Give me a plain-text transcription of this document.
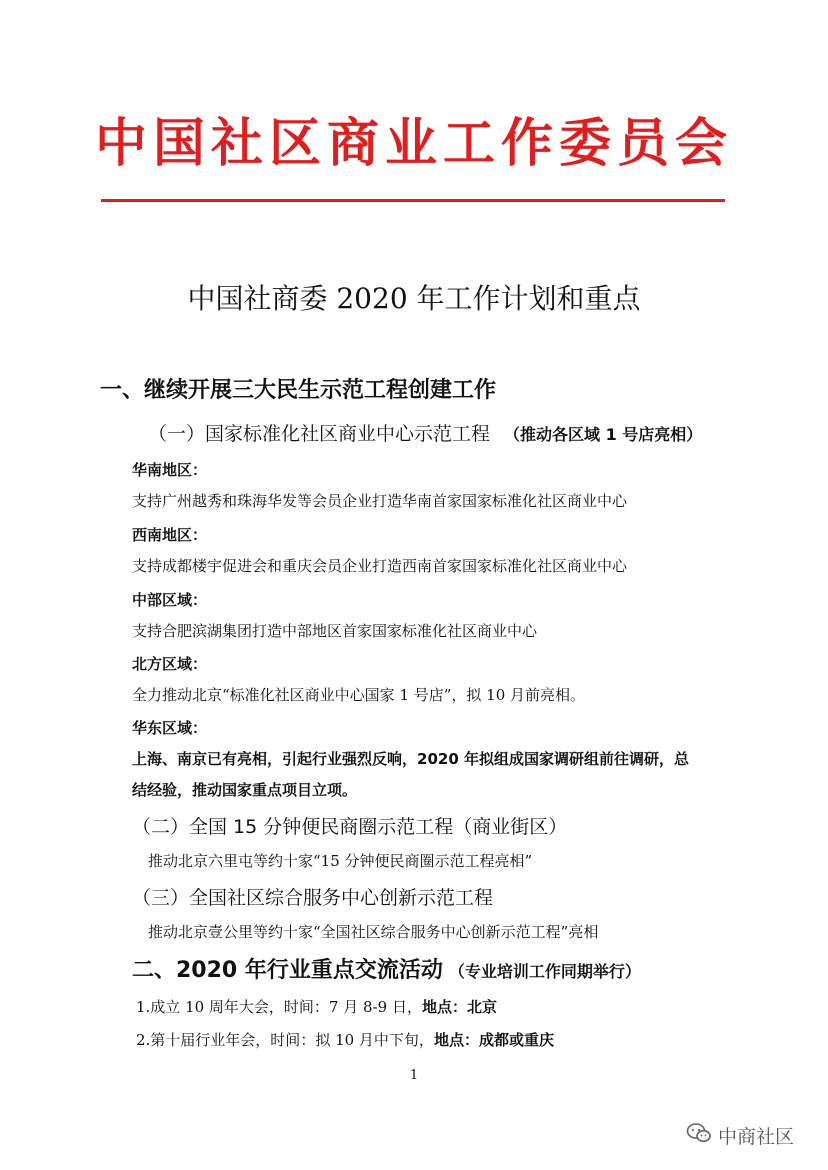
中国社区商业工作委员会
中国社商委 2020 年工作计划和重点
一、继续开展三大民生示范工程创建工作
（一）国家标准化社区商业中心示范工程 （推动各区域 1 号店亮相）
华南地区：
支持广州越秀和珠海华发等会员企业打造华南首家国家标准化社区商业中心
西南地区：
支持成都楼宇促进会和重庆会员企业打造西南首家国家标准化社区商业中心
中部区域：
支持合肥滨湖集团打造中部地区首家国家标准化社区商业中心
北方区域：
全力推动北京“标准化社区商业中心国家 1 号店”，拟 10 月前亮相。
华东区域：
上海、南京已有亮相，引起行业强烈反响，2020 年拟组成国家调研组前往调研，总
结经验，推动国家重点项目立项。
（二）全国 15 分钟便民商圈示范工程（商业街区）
推动北京六里屯等约十家“15 分钟便民商圈示范工程亮相”
（三）全国社区综合服务中心创新示范工程
推动北京壹公里等约十家“全国社区综合服务中心创新示范工程”亮相
二、2020 年行业重点交流活动 （专业培训工作同期举行）
1.成立 10 周年大会，时间：7 月 8-9 日，地点：北京
2.第十届行业年会，时间：拟 10 月中下旬，地点：成都或重庆
1
中商社区
